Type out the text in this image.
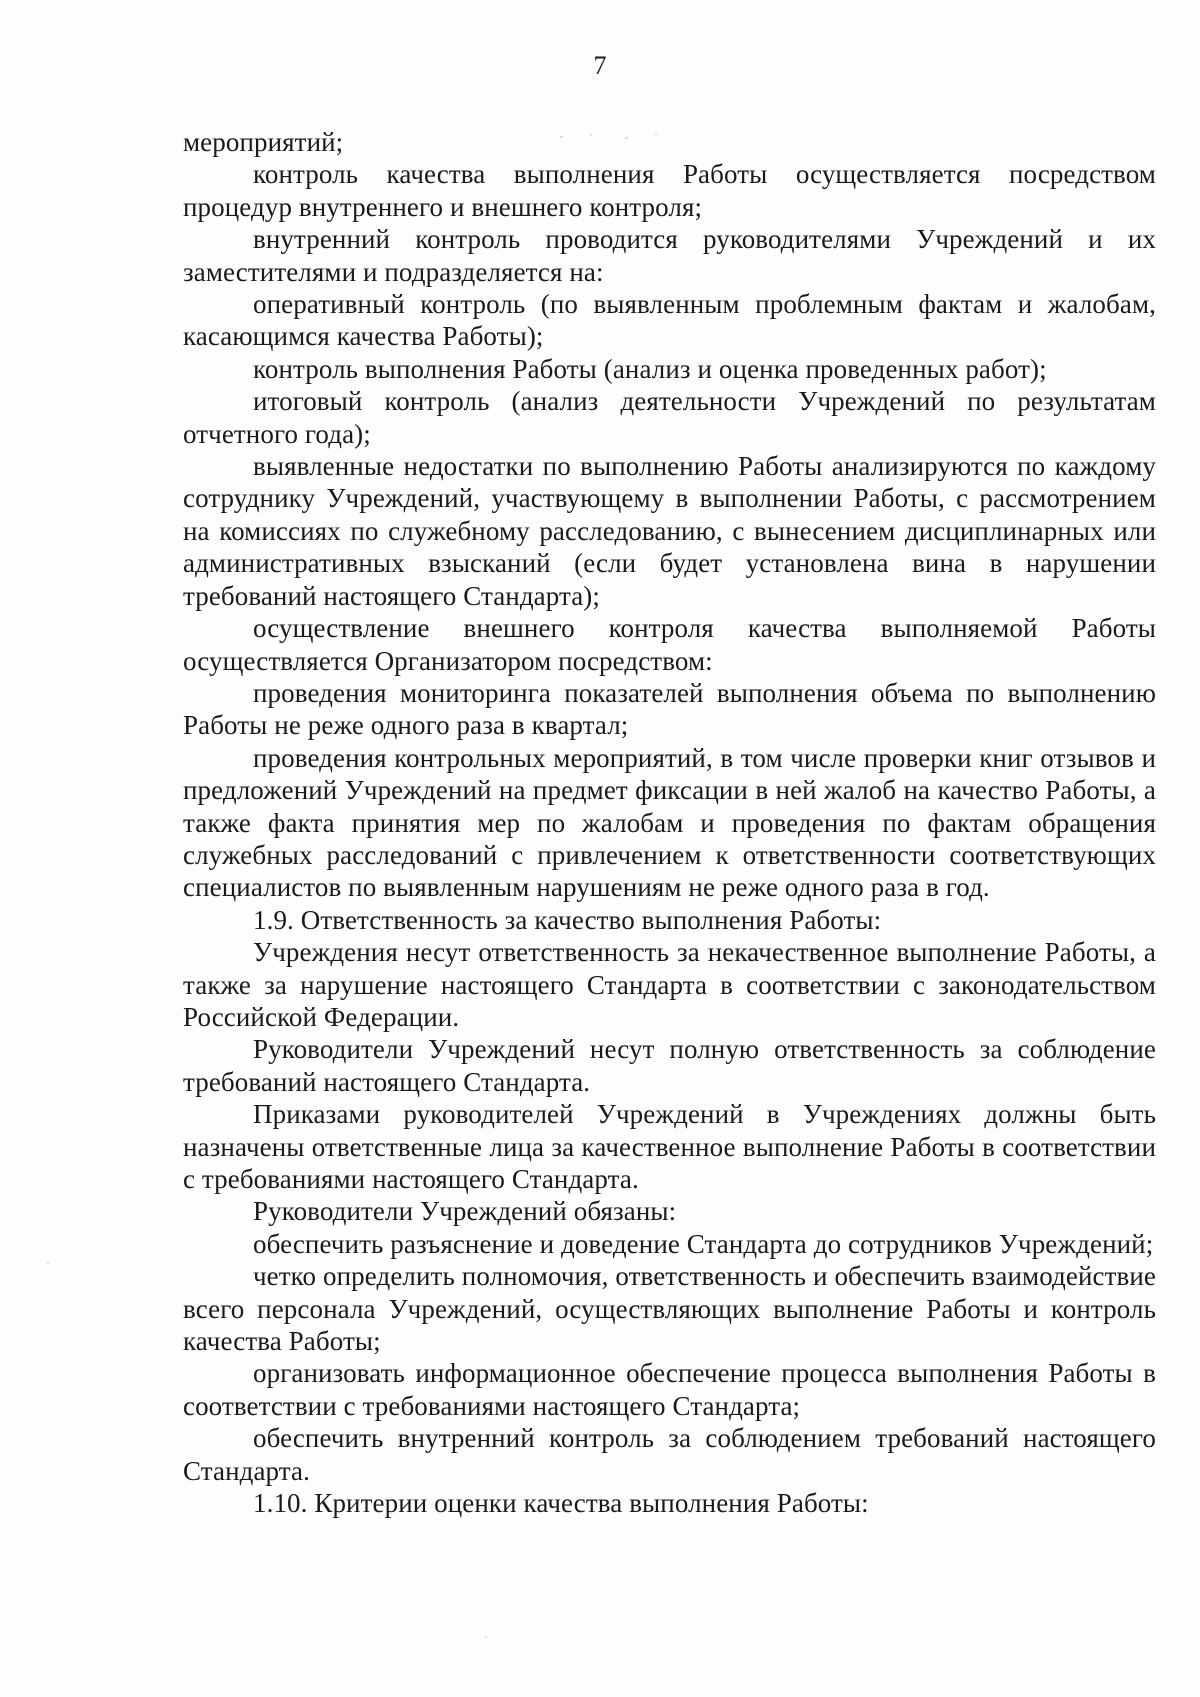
7

мероприятий;

контроль качества выполнения Работы осуществляется посредством процедур внутреннего и внешнего контроля;

внутренний контроль проводится руководителями Учреждений и их заместителями и подразделяется на:

оперативный контроль (по выявленным проблемным фактам и жалобам, касающимся качества Работы);

контроль выполнения Работы (анализ и оценка проведенных работ);

итоговый контроль (анализ деятельности Учреждений по результатам отчетного года);

выявленные недостатки по выполнению Работы анализируются по каждому сотруднику Учреждений, участвующему в выполнении Работы, с рассмотрением на комиссиях по служебному расследованию, с вынесением дисциплинарных или административных взысканий (если будет установлена вина в нарушении требований настоящего Стандарта);

осуществление внешнего контроля качества выполняемой Работы осуществляется Организатором посредством:

проведения мониторинга показателей выполнения объема по выполнению Работы не реже одного раза в квартал;

проведения контрольных мероприятий, в том числе проверки книг отзывов и предложений Учреждений на предмет фиксации в ней жалоб на качество Работы, а также факта принятия мер по жалобам и проведения по фактам обращения служебных расследований с привлечением к ответственности соответствующих специалистов по выявленным нарушениям не реже одного раза в год.

1.9. Ответственность за качество выполнения Работы:

Учреждения несут ответственность за некачественное выполнение Работы, а также за нарушение настоящего Стандарта в соответствии с законодательством Российской Федерации.

Руководители Учреждений несут полную ответственность за соблюдение требований настоящего Стандарта.

Приказами руководителей Учреждений в Учреждениях должны быть назначены ответственные лица за качественное выполнение Работы в соответствии с требованиями настоящего Стандарта.

Руководители Учреждений обязаны:

обеспечить разъяснение и доведение Стандарта до сотрудников Учреждений;

четко определить полномочия, ответственность и обеспечить взаимодействие всего персонала Учреждений, осуществляющих выполнение Работы и контроль качества Работы;

организовать информационное обеспечение процесса выполнения Работы в соответствии с требованиями настоящего Стандарта;

обеспечить внутренний контроль за соблюдением требований настоящего Стандарта.

1.10. Критерии оценки качества выполнения Работы:
